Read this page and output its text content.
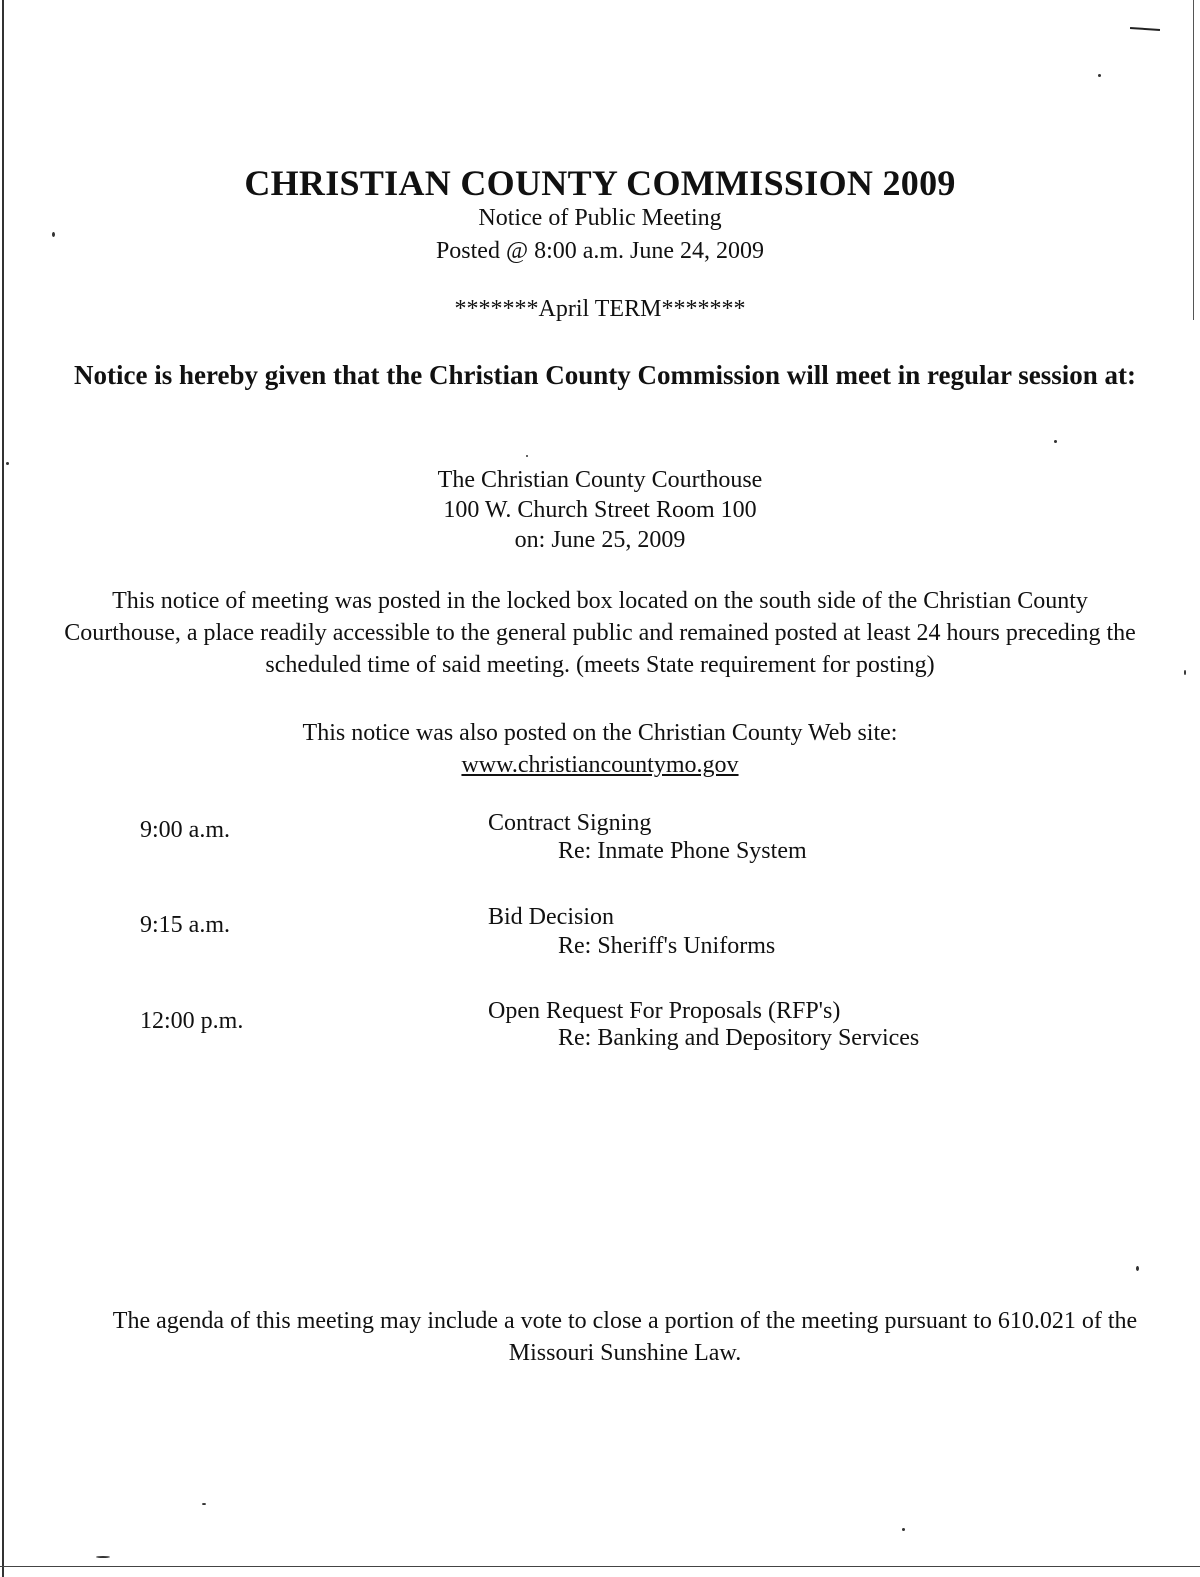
CHRISTIAN COUNTY COMMISSION 2009
Notice of Public Meeting
Posted @ 8:00 a.m. June 24, 2009
*******April TERM*******
Notice is hereby given that the Christian County Commission will meet in regular session at:
The Christian County Courthouse
100 W. Church Street Room 100
on: June 25, 2009
This notice of meeting was posted in the locked box located on the south side of the Christian County Courthouse, a place readily accessible to the general public and remained posted at least 24 hours preceding the scheduled time of said meeting. (meets State requirement for posting)
This notice was also posted on the Christian County Web site:
www.christiancountymo.gov
9:00 a.m.	Contract Signing
Re: Inmate Phone System
9:15 a.m.	Bid Decision
Re: Sheriff's Uniforms
12:00 p.m.	Open Request For Proposals (RFP's)
Re: Banking and Depository Services
The agenda of this meeting may include a vote to close a portion of the meeting pursuant to 610.021 of the Missouri Sunshine Law.
